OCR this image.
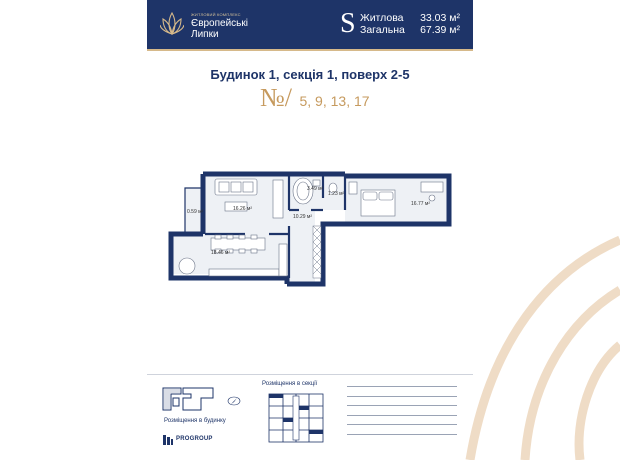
ЖИТЛОВИЙ КОМПЛЕКС
Європейські
Липки	S Житлова 33.03 м²
Загальна 67.39 м²
Будинок 1, секція 1, поверх 2-5
№/ 5, 9, 13, 17
0.59 м²	16.26 м²
3.49 м²
1.23 м²
10.29 м²
16.77 м²
18.46 м²
Розміщення в будинку
Розміщення в секції
PROGROUP
